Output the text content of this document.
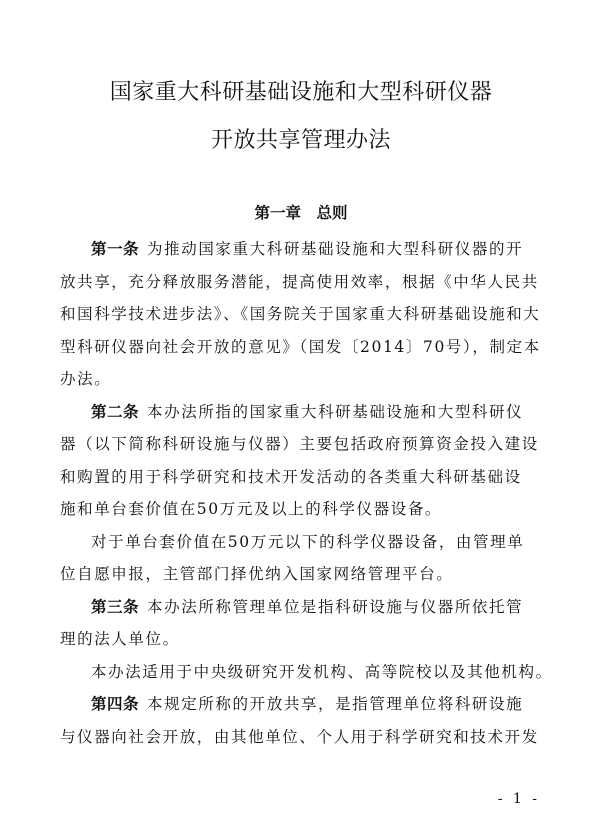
国家重大科研基础设施和大型科研仪器
开放共享管理办法
第一章　总则
第一条 为推动国家重大科研基础设施和大型科研仪器的开
放共享，充分释放服务潜能，提高使用效率，根据《中华人民共
和国科学技术进步法》、《国务院关于国家重大科研基础设施和大
型科研仪器向社会开放的意见》（国发〔2014〕70号），制定本
办法。
第二条 本办法所指的国家重大科研基础设施和大型科研仪
器（以下简称科研设施与仪器）主要包括政府预算资金投入建设
和购置的用于科学研究和技术开发活动的各类重大科研基础设
施和单台套价值在50万元及以上的科学仪器设备。
对于单台套价值在50万元以下的科学仪器设备，由管理单
位自愿申报，主管部门择优纳入国家网络管理平台。
第三条 本办法所称管理单位是指科研设施与仪器所依托管
理的法人单位。
本办法适用于中央级研究开发机构、高等院校以及其他机构。
第四条 本规定所称的开放共享，是指管理单位将科研设施
与仪器向社会开放，由其他单位、个人用于科学研究和技术开发
- 1 -
